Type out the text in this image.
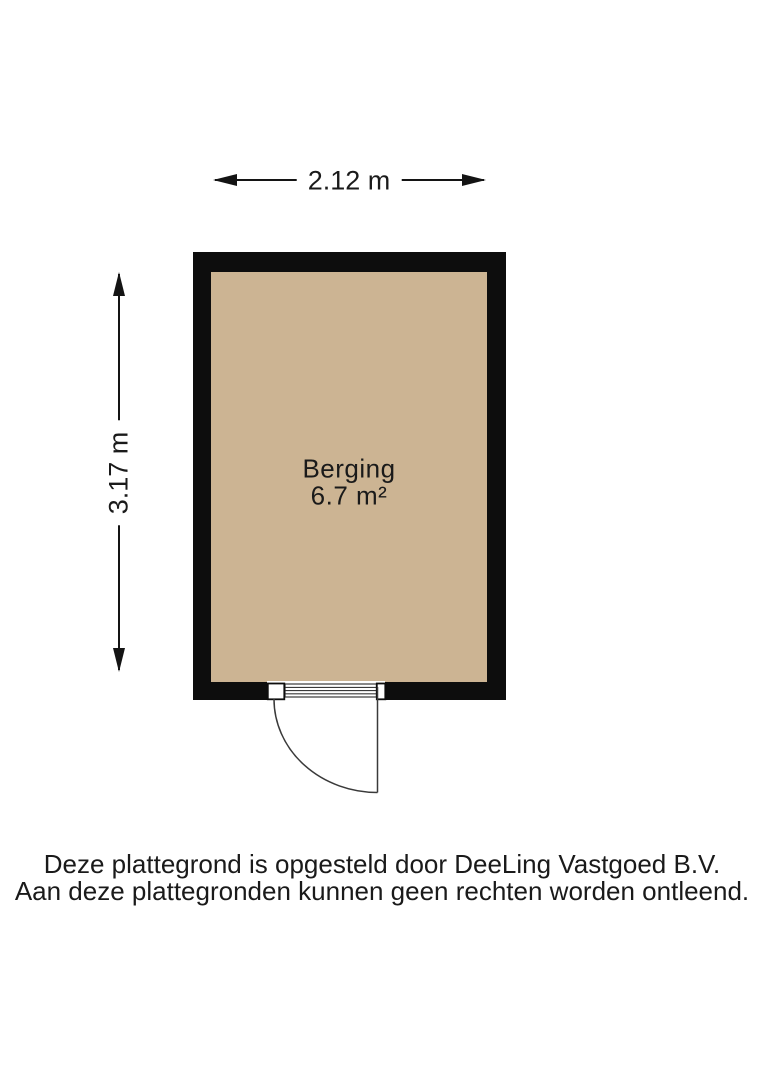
2.12 m
3.17 m	Berging
6.7 m²
Deze plattegrond is opgesteld door DeeLing Vastgoed B.V.
Aan deze plattegronden kunnen geen rechten worden ontleend.
